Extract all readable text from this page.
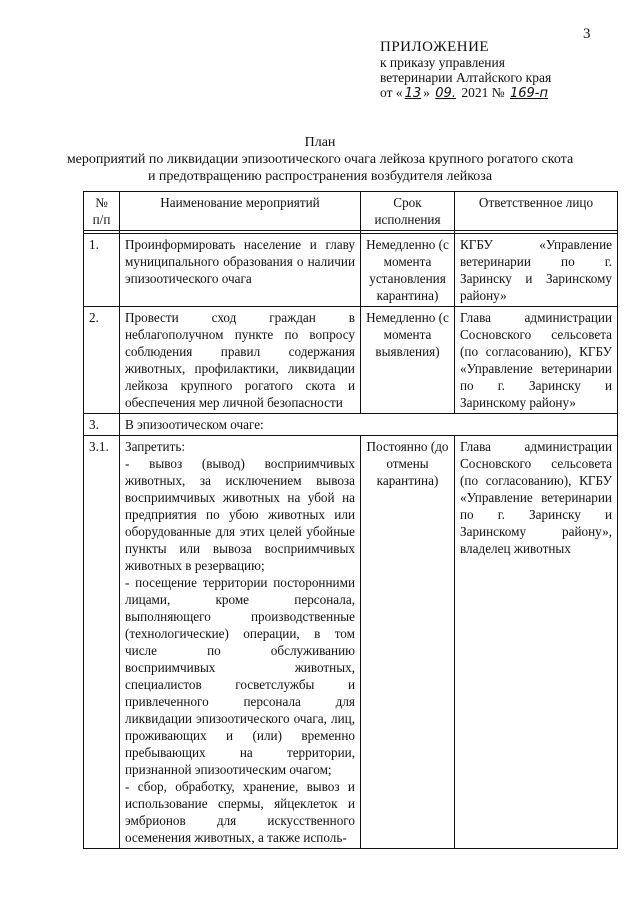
3
ПРИЛОЖЕНИЕ
к приказу управления
ветеринарии Алтайского края
от « 13 » 09. 2021 № 169-п
План
мероприятий по ликвидации эпизоотического очага лейкоза крупного рогатого скота
и предотвращению распространения возбудителя лейкоза
№ п/п	Наименование мероприятий	Срок исполнения	Ответственное лицо

1.	Проинформировать население и главу муниципального образования о наличии эпизоотического очага	Немедленно (с момента установления карантина)	КГБУ «Управление ветеринарии по г. Заринску и Заринскому району»
2.	Провести сход граждан в неблагополучном пункте по вопросу соблюдения правил содержания животных, профилактики, ликвидации лейкоза крупного рогатого скота и обеспечения мер личной безопасности	Немедленно (с момента выявления)	Глава администрации Сосновского сельсовета (по согласованию), КГБУ «Управление ветеринарии по г. Заринску и Заринскому району»
3.	В эпизоотическом очаге:		
3.1.	Запретить:
- вывоз (вывод) восприимчивых животных, за исключением вывоза восприимчивых животных на убой на предприятия по убою животных или оборудованные для этих целей убойные пункты или вывоза восприимчивых животных в резервацию;
- посещение территории посторонними лицами, кроме персонала, выполняющего производственные (технологические) операции, в том числе по обслуживанию восприимчивых животных, специалистов госветслужбы и привлеченного персонала для ликвидации эпизоотического очага, лиц, проживающих и (или) временно пребывающих на территории, признанной эпизоотическим очагом;
- сбор, обработку, хранение, вывоз и использование спермы, яйцеклеток и эмбрионов для искусственного осеменения животных, а также исполь-	Постоянно (до отмены карантина)	Глава администрации Сосновского сельсовета (по согласованию), КГБУ «Управление ветеринарии по г. Заринску и Заринскому району», владелец животных
